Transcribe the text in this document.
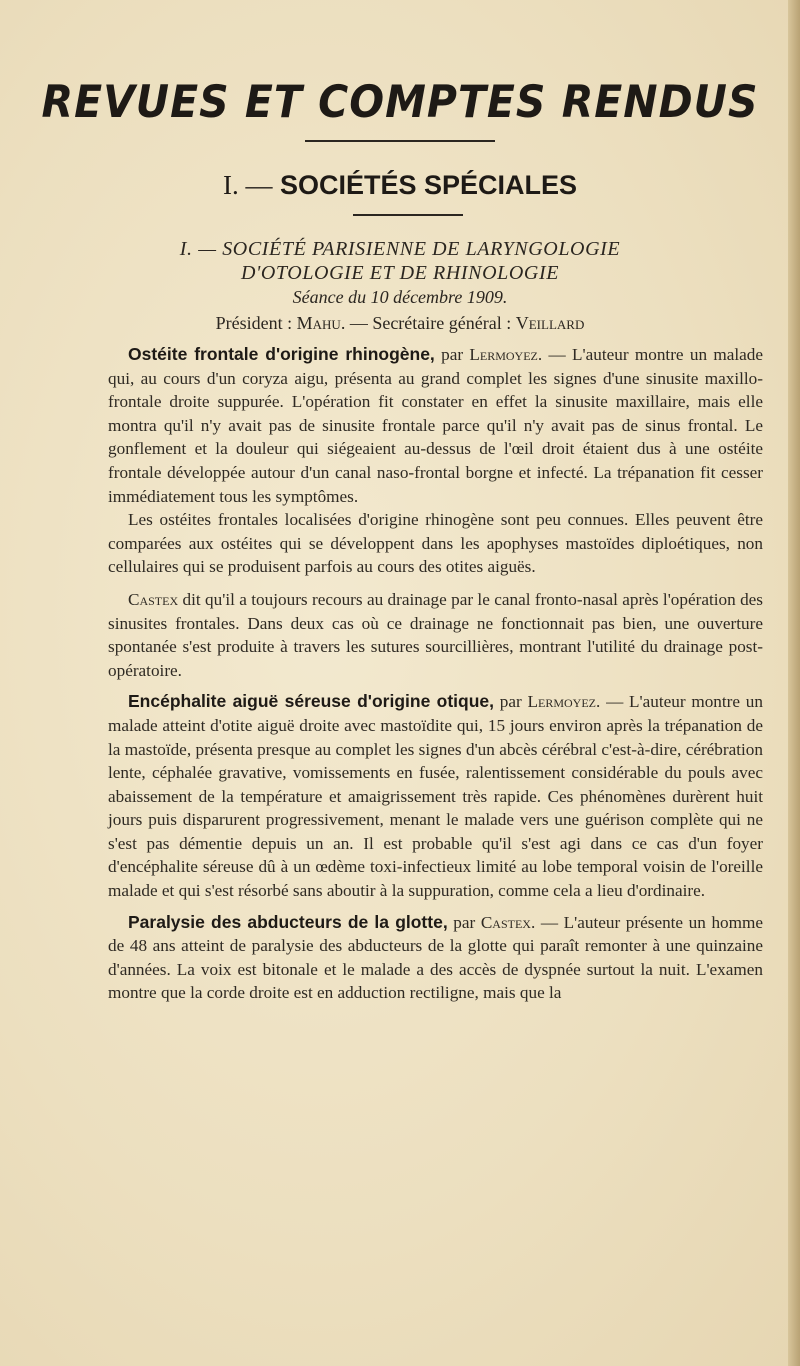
REVUES ET COMPTES RENDUS
I. — SOCIÉTÉS SPÉCIALES
I. — SOCIÉTÉ PARISIENNE DE LARYNGOLOGIE
D'OTOLOGIE ET DE RHINOLOGIE
Séance du 10 décembre 1909.
Président : Mahu. — Secrétaire général : Veillard

Ostéite frontale d'origine rhinogène, par Lermoyez. — L'auteur montre un malade qui, au cours d'un coryza aigu, présenta au grand complet les signes d'une sinusite maxillo-frontale droite suppurée. L'opération fit constater en effet la sinusite maxillaire, mais elle montra qu'il n'y avait pas de sinusite frontale parce qu'il n'y avait pas de sinus frontal. Le gonflement et la douleur qui siégeaient au-dessus de l'œil droit étaient dus à une ostéite frontale développée autour d'un canal naso-frontal borgne et infecté. La trépanation fit cesser immédiatement tous les symptômes.

Les ostéites frontales localisées d'origine rhinogène sont peu connues. Elles peuvent être comparées aux ostéites qui se développent dans les apophyses mastoïdes diploétiques, non cellulaires qui se produisent parfois au cours des otites aiguës.

Castex dit qu'il a toujours recours au drainage par le canal fronto-nasal après l'opération des sinusites frontales. Dans deux cas où ce drainage ne fonctionnait pas bien, une ouverture spontanée s'est produite à travers les sutures sourcillières, montrant l'utilité du drainage post-opératoire.

Encéphalite aiguë séreuse d'origine otique, par Lermoyez. — L'auteur montre un malade atteint d'otite aiguë droite avec mastoïdite qui, 15 jours environ après la trépanation de la mastoïde, présenta presque au complet les signes d'un abcès cérébral c'est-à-dire, cérébration lente, céphalée gravative, vomissements en fusée, ralentissement considérable du pouls avec abaissement de la température et amaigrissement très rapide. Ces phénomènes durèrent huit jours puis disparurent progressivement, menant le malade vers une guérison complète qui ne s'est pas démentie depuis un an. Il est probable qu'il s'est agi dans ce cas d'un foyer d'encéphalite séreuse dû à un œdème toxi-infectieux limité au lobe temporal voisin de l'oreille malade et qui s'est résorbé sans aboutir à la suppuration, comme cela a lieu d'ordinaire.

Paralysie des abducteurs de la glotte, par Castex. — L'auteur présente un homme de 48 ans atteint de paralysie des abducteurs de la glotte qui paraît remonter à une quinzaine d'années. La voix est bitonale et le malade a des accès de dyspnée surtout la nuit. L'examen montre que la corde droite est en adduction rectiligne, mais que la
